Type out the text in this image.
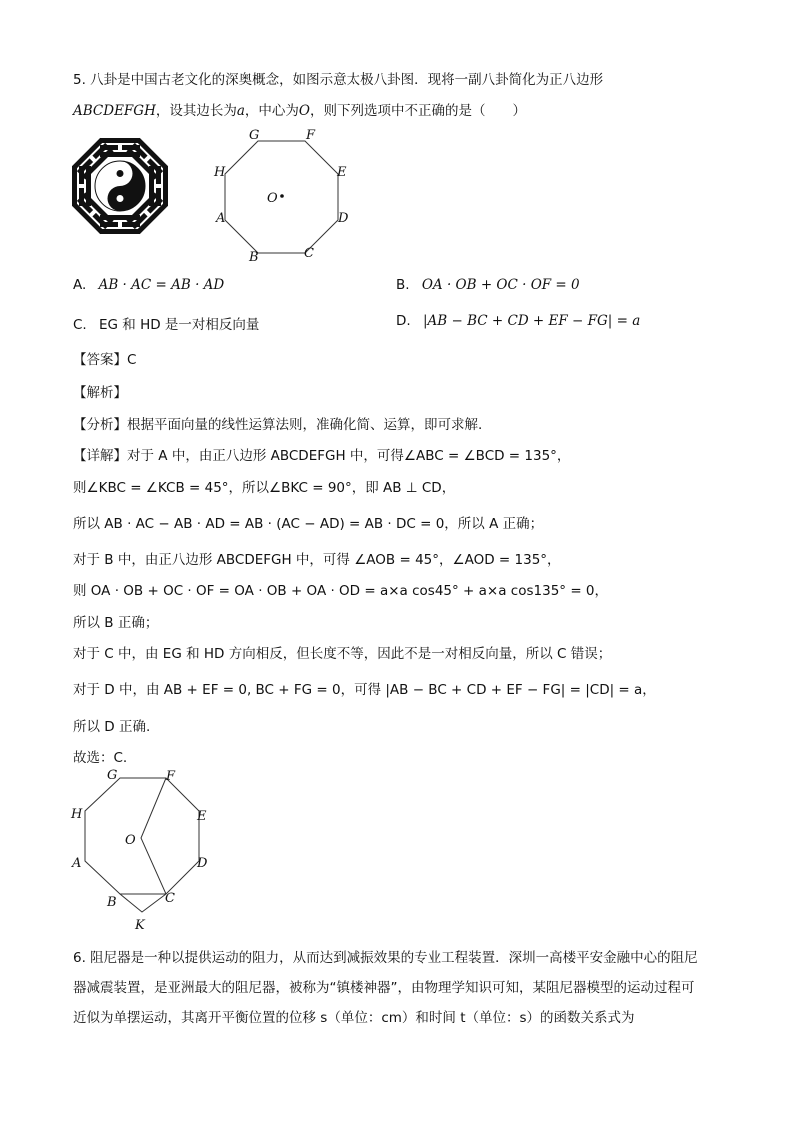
5. 八卦是中国古老文化的深奥概念，如图示意太极八卦图．现将一副八卦简化为正八边形
ABCDEFGH，设其边长为a，中心为O，则下列选项中不正确的是（　　）
G	F
H	E
O
A	D
B	C
A. AB · AC = AB · AD	B. OA · OB + OC · OF = 0
C. EG 和 HD 是一对相反向量	D. |AB − BC + CD + EF − FG| = a
【答案】C
【解析】
【分析】根据平面向量的线性运算法则，准确化简、运算，即可求解.
【详解】对于 A 中，由正八边形 ABCDEFGH 中，可得∠ABC = ∠BCD = 135°，
则∠KBC = ∠KCB = 45°，所以∠BKC = 90°，即 AB ⊥ CD，
所以 AB · AC − AB · AD = AB · (AC − AD) = AB · DC = 0，所以 A 正确；
对于 B 中，由正八边形 ABCDEFGH 中，可得 ∠AOB = 45°，∠AOD = 135°，
则 OA · OB + OC · OF = OA · OB + OA · OD = a×a cos45° + a×a cos135° = 0，
所以 B 正确；
对于 C 中，由 EG 和 HD 方向相反，但长度不等，因此不是一对相反向量，所以 C 错误；
对于 D 中，由 AB + EF = 0, BC + FG = 0，可得 |AB − BC + CD + EF − FG| = |CD| = a，
所以 D 正确.
故选：C.
G	F
H	E
O
A	D
B	C
K
6. 阻尼器是一种以提供运动的阻力，从而达到减振效果的专业工程装置．深圳一高楼平安金融中心的阻尼
器减震装置，是亚洲最大的阻尼器，被称为“镇楼神器”，由物理学知识可知，某阻尼器模型的运动过程可
近似为单摆运动，其离开平衡位置的位移 s（单位：cm）和时间 t（单位：s）的函数关系式为
